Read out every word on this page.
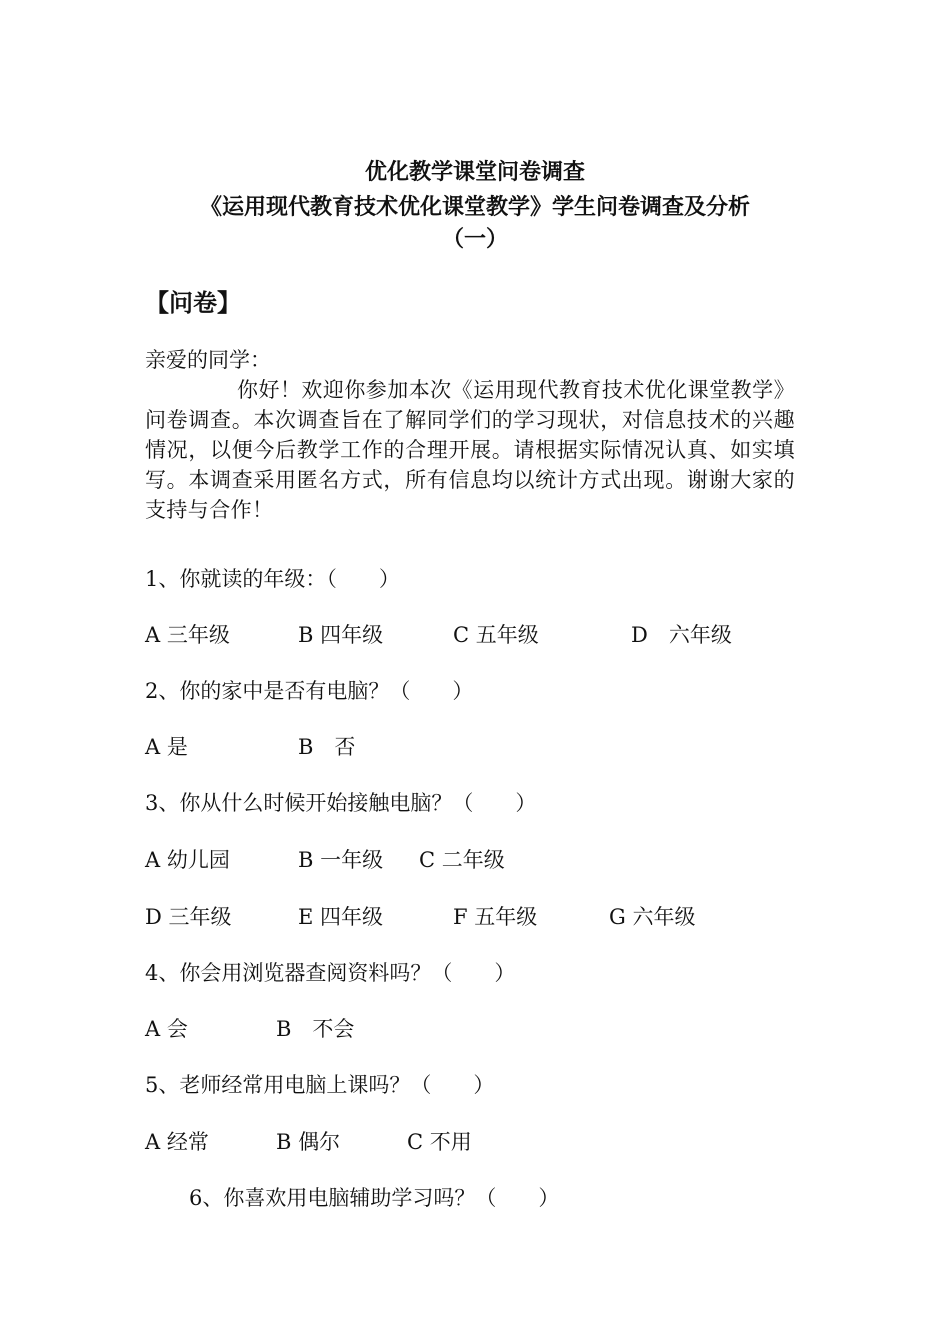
优化教学课堂问卷调查
《运用现代教育技术优化课堂教学》学生问卷调查及分析
（一）
【问卷】
亲爱的同学：
你好！欢迎你参加本次《运用现代教育技术优化课堂教学》问卷调查。本次调查旨在了解同学们的学习现状，对信息技术的兴趣情况，以便今后教学工作的合理开展。请根据实际情况认真、如实填写。本调查采用匿名方式，所有信息均以统计方式出现。谢谢大家的支持与合作！
1、你就读的年级：（　　）
A 三年级	B 四年级	C 五年级	D　六年级
2、你的家中是否有电脑？（　　）
A 是	B　否
3、你从什么时候开始接触电脑？（　　）
A 幼儿园	B 一年级 C 二年级
D 三年级	E 四年级	F 五年级	G 六年级
4、你会用浏览器查阅资料吗？（　　）
A 会	B　不会
5、老师经常用电脑上课吗？（　　）
A 经常	B 偶尔	C 不用
6、你喜欢用电脑辅助学习吗？（　　）
